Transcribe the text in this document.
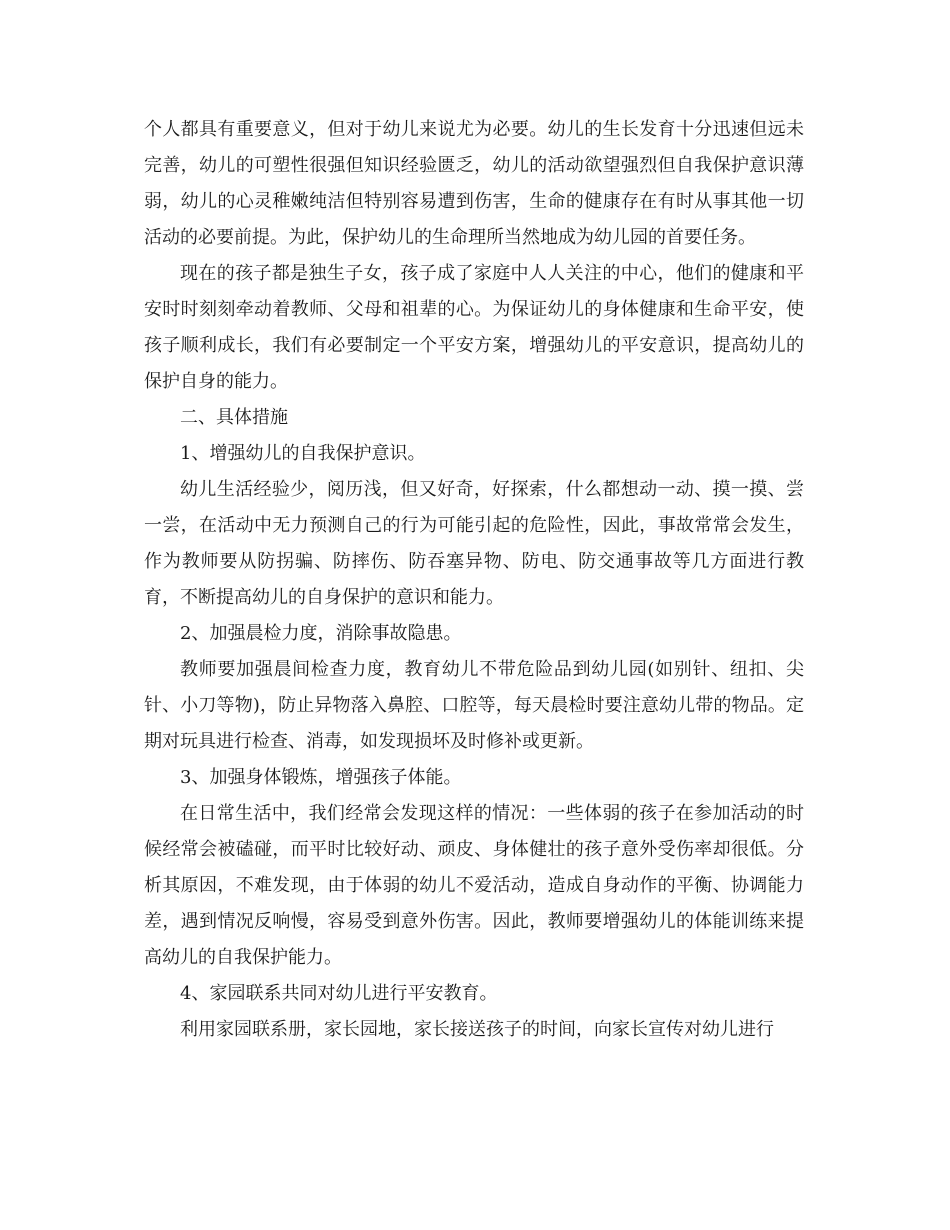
个人都具有重要意义，但对于幼儿来说尤为必要。幼儿的生长发育十分迅速但远未完善，幼儿的可塑性很强但知识经验匮乏，幼儿的活动欲望强烈但自我保护意识薄弱，幼儿的心灵稚嫩纯洁但特别容易遭到伤害，生命的健康存在有时从事其他一切活动的必要前提。为此，保护幼儿的生命理所当然地成为幼儿园的首要任务。

现在的孩子都是独生子女，孩子成了家庭中人人关注的中心，他们的健康和平安时时刻刻牵动着教师、父母和祖辈的心。为保证幼儿的身体健康和生命平安，使孩子顺利成长，我们有必要制定一个平安方案，增强幼儿的平安意识，提高幼儿的保护自身的能力。

二、具体措施

1、增强幼儿的自我保护意识。

幼儿生活经验少，阅历浅，但又好奇，好探索，什么都想动一动、摸一摸、尝一尝，在活动中无力预测自己的行为可能引起的危险性，因此，事故常常会发生，作为教师要从防拐骗、防摔伤、防吞塞异物、防电、防交通事故等几方面进行教育，不断提高幼儿的自身保护的意识和能力。

2、加强晨检力度，消除事故隐患。

教师要加强晨间检查力度，教育幼儿不带危险品到幼儿园(如别针、纽扣、尖针、小刀等物)，防止异物落入鼻腔、口腔等，每天晨检时要注意幼儿带的物品。定期对玩具进行检查、消毒，如发现损坏及时修补或更新。

3、加强身体锻炼，增强孩子体能。

在日常生活中，我们经常会发现这样的情况：一些体弱的孩子在参加活动的时候经常会被磕碰，而平时比较好动、顽皮、身体健壮的孩子意外受伤率却很低。分析其原因，不难发现，由于体弱的幼儿不爱活动，造成自身动作的平衡、协调能力差，遇到情况反响慢，容易受到意外伤害。因此，教师要增强幼儿的体能训练来提高幼儿的自我保护能力。

4、家园联系共同对幼儿进行平安教育。

利用家园联系册，家长园地，家长接送孩子的时间，向家长宣传对幼儿进行
